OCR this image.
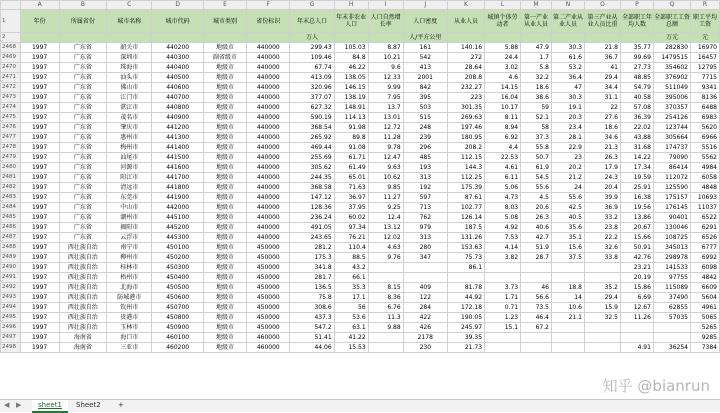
	A	B	C	D	E	F	G	H	I	J	K	L	M	N	O	P	Q	R
1	年份	所属省份	城市名称	城市代码	城市类别	省份标识	年末总人口	年末非农业人口	人口自然增长率	人口密度	从业人员	城镇个体劳动者	第一产业从业人员	第二产业从业人员	第三产业从业人员比重	全部职工年均人数	全部职工工资总额	职工平均工资
2							万人			人/平方公里							万元	元
2468	1997	广东省	韶关市	440200	地级市	440000	299.43	105.03	8.87	161	140.16	5.88	47.9	30.3	21.8	35.77	282830	16970
2469	1997	广东省	深圳市	440300	副省级市	440000	109.46	84.8	10.21	542	272	24.4	1.7	61.6	36.7	99.69	1479515	16457
2470	1997	广东省	珠海市	440400	地级市	440000	67.74	46.22	9.6	413	28.64	3.02	5.8	53.2	41	27.73	354602	12795
2471	1997	广东省	汕头市	440500	地级市	440000	413.09	138.05	12.33	2001	208.8	4.6	32.2	36.4	29.4	48.85	376902	7715
2472	1997	广东省	佛山市	440600	地级市	440000	320.96	146.15	9.99	842	232.27	14.15	18.6	47	34.4	54.79	511049	9341
2473	1997	广东省	江门市	440700	地级市	440000	377.07	138.19	7.95	395	223	16.04	38.6	30.3	31.1	40.58	395006	8136
2474	1997	广东省	湛江市	440800	地级市	440000	627.32	148.91	13.7	503	301.35	10.17	59	19.1	22	57.08	370357	6488
2475	1997	广东省	茂名市	440900	地级市	440000	590.19	114.13	13.01	515	269.63	8.11	52.1	20.3	27.6	36.39	254126	6983
2476	1997	广东省	肇庆市	441200	地级市	440000	368.54	91.98	12.72	248	197.46	8.94	58	23.4	18.6	22.02	123744	5620
2477	1997	广东省	惠州市	441300	地级市	440000	265.92	89.8	11.28	239	180.95	6.92	37.3	28.1	34.6	43.88	305664	6966
2478	1997	广东省	梅州市	441400	地级市	440000	469.44	91.08	9.78	296	208.2	4.4	55.8	22.9	21.3	31.68	174737	5516
2479	1997	广东省	汕尾市	441500	地级市	440000	255.69	61.71	12.47	485	112.15	22.53	50.7	23	26.3	14.22	79090	5562
2480	1997	广东省	河源市	441600	地级市	440000	305.62	61.49	9.63	193	144.3	4.61	61.9	20.2	17.9	17.34	86414	4984
2481	1997	广东省	阳江市	441700	地级市	440000	244.35	65.01	10.62	313	112.25	6.11	54.5	21.2	24.3	19.59	112072	6058
2482	1997	广东省	清远市	441800	地级市	440000	368.58	71.63	9.85	192	175.39	5.06	55.6	24	20.4	25.91	125590	4848
2483	1997	广东省	东莞市	441900	地级市	440000	147.12	36.97	11.27	597	87.61	4.73	4.5	55.6	39.9	16.38	175157	10693
2484	1997	广东省	中山市	442000	地级市	440000	128.36	37.95	9.25	713	102.77	8.03	20.6	42.5	36.9	19.56	176145	11037
2485	1997	广东省	潮州市	445100	地级市	440000	236.24	60.02	12.4	762	126.14	5.08	26.3	40.5	33.2	13.86	90401	6522
2486	1997	广东省	揭阳市	445200	地级市	440000	491.05	97.34	13.12	979	187.5	4.92	40.6	35.6	23.8	20.67	130046	6291
2487	1997	广东省	云浮市	445300	地级市	440000	243.65	76.21	12.02	313	131.26	7.53	42.7	35.1	22.2	15.66	108725	6526
2488	1997	西壮族自治	南宁市	450100	地级市	450000	281.2	110.4	4.63	280	153.63	4.14	51.9	15.6	32.6	50.91	345013	6777
2489	1997	西壮族自治	柳州市	450200	地级市	450000	175.3	88.5	9.76	347	75.73	3.82	28.7	37.5	33.8	42.76	298978	6992
2490	1997	西壮族自治	桂林市	450300	地级市	450000	341.8	43.2			86.1					23.21	141533	6098
2491	1997	西壮族自治	梧州市	450400	地级市	450000	281.7	66.1								20.19	97755	4842
2492	1997	西壮族自治	北海市	450500	地级市	450000	136.5	35.3	8.15	409	81.78	3.73	46	18.8	35.2	15.86	115089	6609
2493	1997	西壮族自治	防城港市	450600	地级市	450000	75.8	17.1	8.36	122	44.92	1.71	56.6	14	29.4	6.69	37490	5604
2494	1997	西壮族自治	钦州市	450700	地级市	450000	308.6	56	6.76	284	172.18	0.71	73.5	10.6	15.9	12.67	62855	4961
2495	1997	西壮族自治	贵港市	450800	地级市	450000	437.3	53.6	11.3	422	190.05	1.23	46.4	21.1	32.5	11.26	57035	5065
2496	1997	西壮族自治	玉林市	450900	地级市	450000	547.2	63.1	9.88	426	245.97	15.1	67.2					5265
2497	1997	海南省	海口市	460100	地级市	460000	51.41	41.22		2178	39.35							9285
2498	1997	海南省	三亚市	460200	地级市	460000	44.06	15.53		230	21.73					4.91	36254	7384
◀ ▶	sheet1	Sheet2	+
知乎 @bianrun
